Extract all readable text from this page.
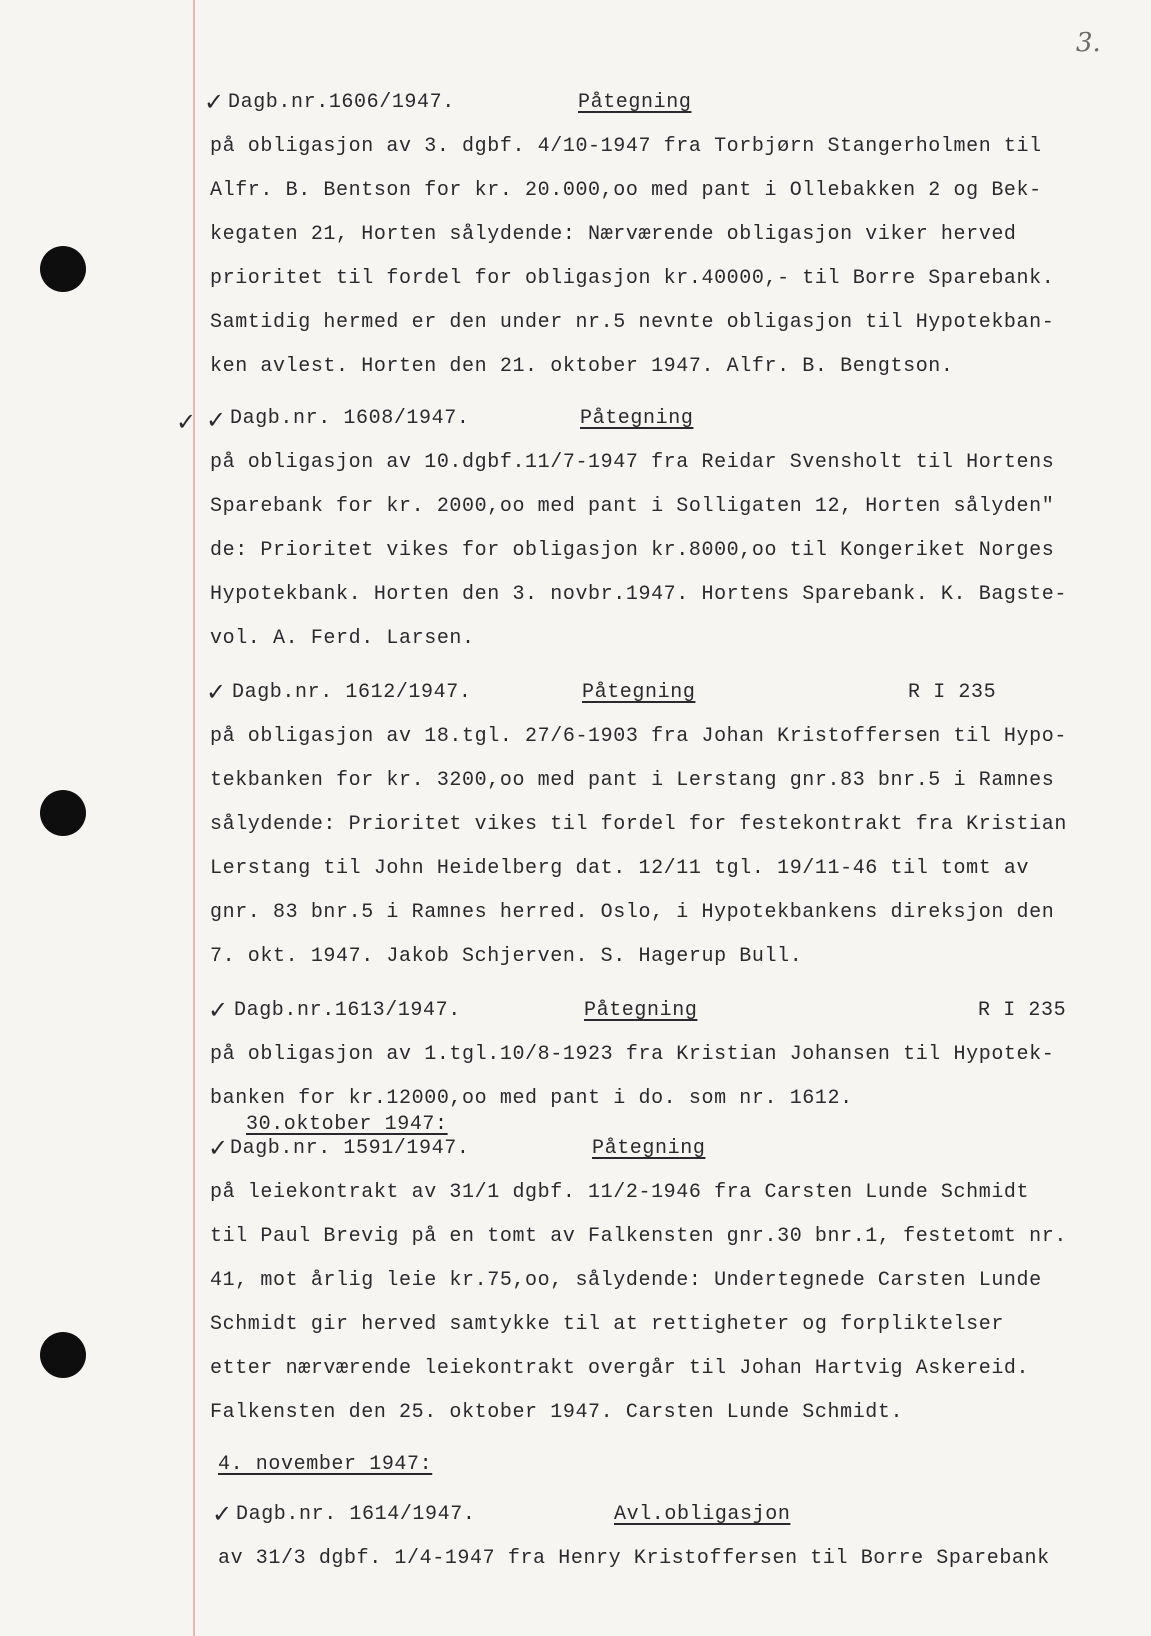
3.
✓ Dagb.nr.1606/1947.	Påtegning
på obligasjon av 3. dgbf. 4/10-1947 fra Torbjørn Stangerholmen til
Alfr. B. Bentson for kr. 20.000,oo med pant i Ollebakken 2 og Bek-
kegaten 21, Horten sålydende: Nærværende obligasjon viker herved
prioritet til fordel for obligasjon kr.40000,- til Borre Sparebank.
Samtidig hermed er den under nr.5 nevnte obligasjon til Hypotekban-
ken avlest. Horten den 21. oktober 1947. Alfr. B. Bengtson.
✓ ✓ Dagb.nr. 1608/1947.	Påtegning
på obligasjon av 10.dgbf.11/7-1947 fra Reidar Svensholt til Hortens
Sparebank for kr. 2000,oo med pant i Solligaten 12, Horten sålyden"
de: Prioritet vikes for obligasjon kr.8000,oo til Kongeriket Norges
Hypotekbank. Horten den 3. novbr.1947. Hortens Sparebank. K. Bagste-
vol. A. Ferd. Larsen.
✓ Dagb.nr. 1612/1947.	Påtegning	R I 235
på obligasjon av 18.tgl. 27/6-1903 fra Johan Kristoffersen til Hypo-
tekbanken for kr. 3200,oo med pant i Lerstang gnr.83 bnr.5 i Ramnes
sålydende: Prioritet vikes til fordel for festekontrakt fra Kristian
Lerstang til John Heidelberg dat. 12/11 tgl. 19/11-46 til tomt av
gnr. 83 bnr.5 i Ramnes herred. Oslo, i Hypotekbankens direksjon den
7. okt. 1947. Jakob Schjerven. S. Hagerup Bull.
✓ Dagb.nr.1613/1947.	Påtegning	R I 235
på obligasjon av 1.tgl.10/8-1923 fra Kristian Johansen til Hypotek-
banken for kr.12000,oo med pant i do. som nr. 1612.
30.oktober 1947:
✓ Dagb.nr. 1591/1947.	Påtegning
på leiekontrakt av 31/1 dgbf. 11/2-1946 fra Carsten Lunde Schmidt
til Paul Brevig på en tomt av Falkensten gnr.30 bnr.1, festetomt nr.
41, mot årlig leie kr.75,oo, sålydende: Undertegnede Carsten Lunde
Schmidt gir herved samtykke til at rettigheter og forpliktelser
etter nærværende leiekontrakt overgår til Johan Hartvig Askereid.
Falkensten den 25. oktober 1947. Carsten Lunde Schmidt.
4. november 1947:
✓ Dagb.nr. 1614/1947.	Avl.obligasjon
av 31/3 dgbf. 1/4-1947 fra Henry Kristoffersen til Borre Sparebank
